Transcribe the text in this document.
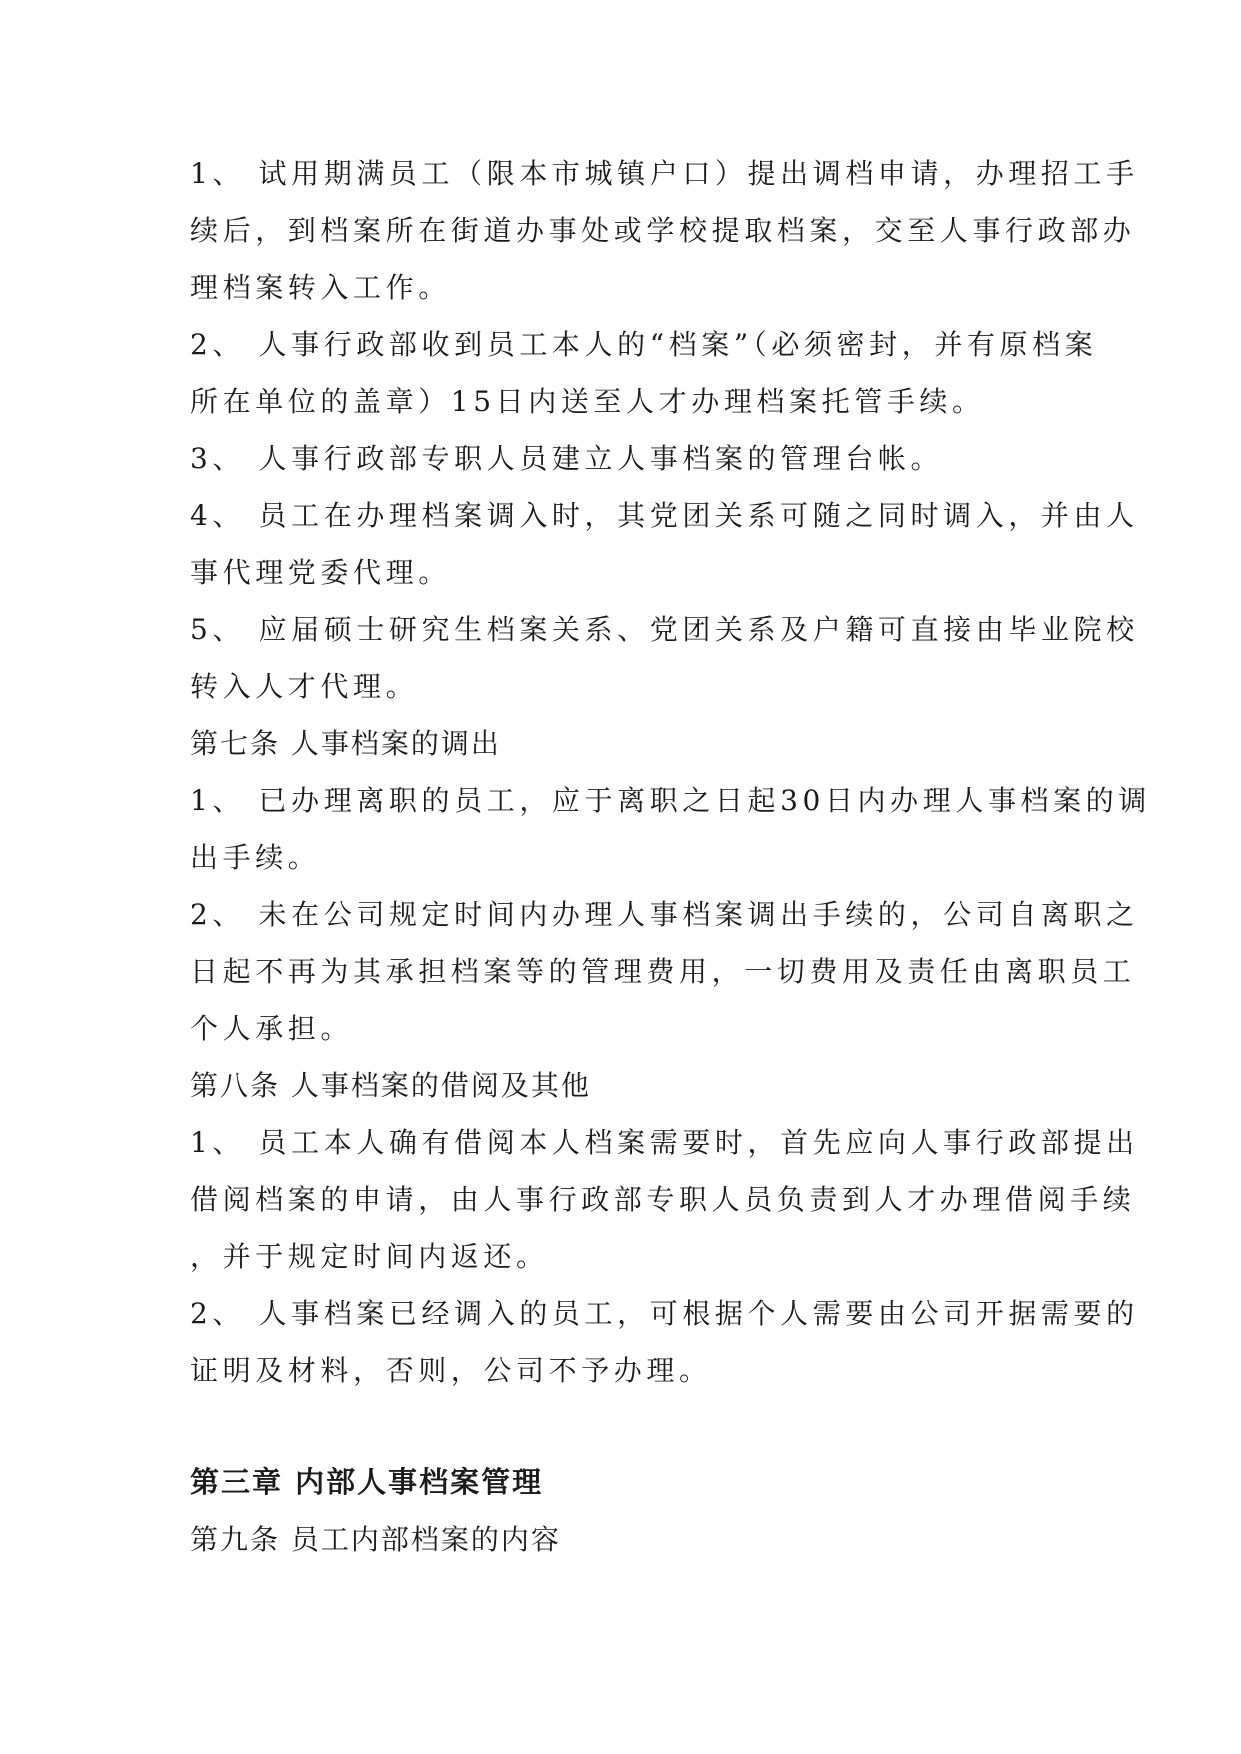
1、 试用期满员工（限本市城镇户口）提出调档申请，办理招工手
续后，到档案所在街道办事处或学校提取档案，交至人事行政部办
理档案转入工作。
2、 人事行政部收到员工本人的“档案”（必须密封，并有原档案
所在单位的盖章）15日内送至人才办理档案托管手续。
3、 人事行政部专职人员建立人事档案的管理台帐。
4、 员工在办理档案调入时，其党团关系可随之同时调入，并由人
事代理党委代理。
5、 应届硕士研究生档案关系、党团关系及户籍可直接由毕业院校
转入人才代理。
第七条 人事档案的调出
1、 已办理离职的员工，应于离职之日起30日内办理人事档案的调
出手续。
2、 未在公司规定时间内办理人事档案调出手续的，公司自离职之
日起不再为其承担档案等的管理费用，一切费用及责任由离职员工
个人承担。
第八条 人事档案的借阅及其他
1、 员工本人确有借阅本人档案需要时，首先应向人事行政部提出
借阅档案的申请，由人事行政部专职人员负责到人才办理借阅手续
，并于规定时间内返还。
2、 人事档案已经调入的员工，可根据个人需要由公司开据需要的
证明及材料，否则，公司不予办理。
第三章 内部人事档案管理
第九条 员工内部档案的内容
